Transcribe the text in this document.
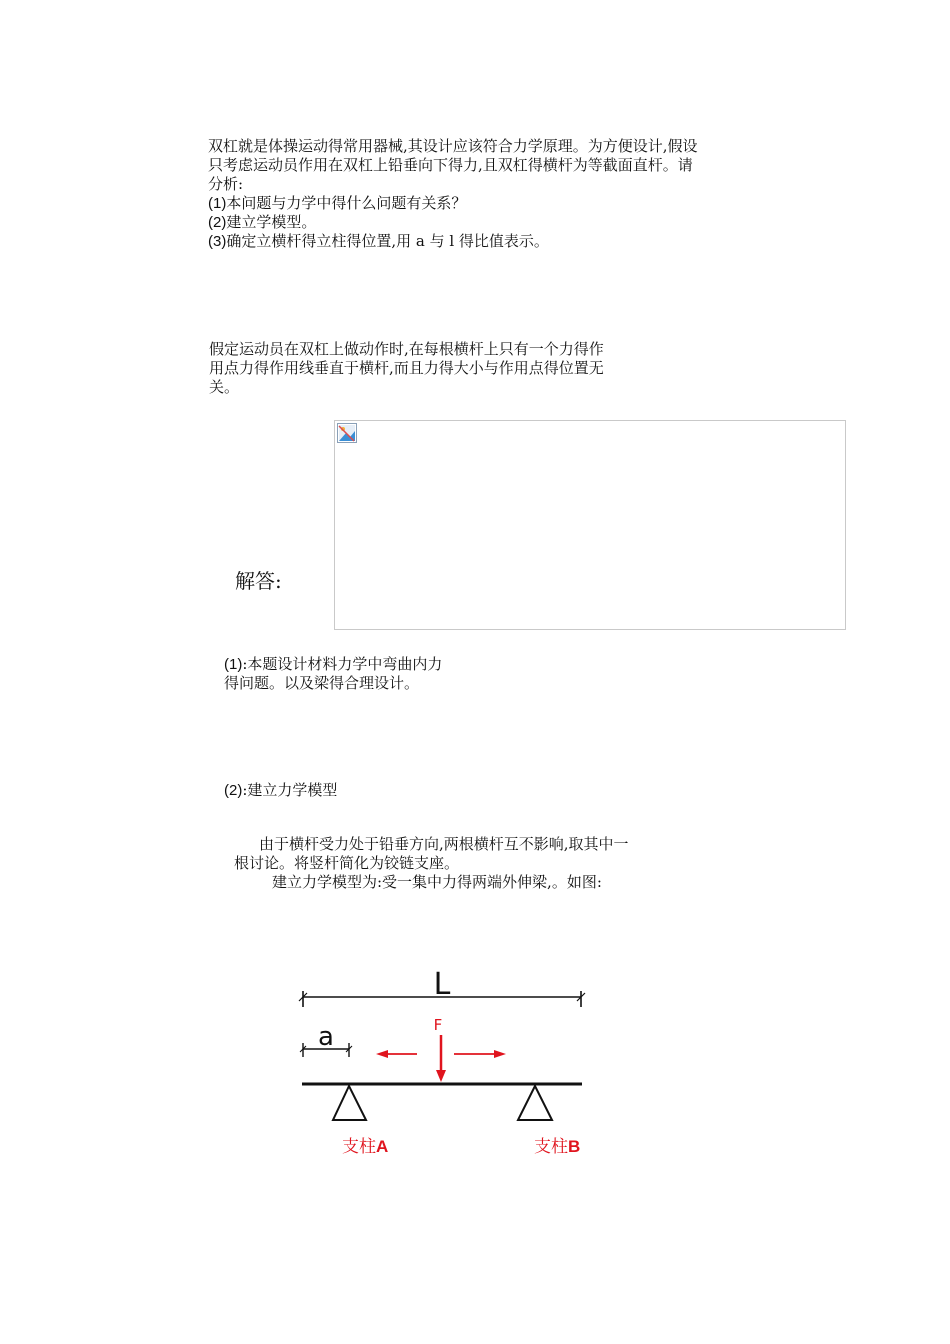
双杠就是体操运动得常用器械,其设计应该符合力学原理。为方便设计,假设
只考虑运动员作用在双杠上铅垂向下得力,且双杠得横杆为等截面直杆。请
分析:
(1)本问题与力学中得什么问题有关系？
(2)建立学模型。
(3)确定立横杆得立柱得位置,用 a 与 l 得比值表示。
假定运动员在双杠上做动作时,在每根横杆上只有一个力得作
用点力得作用线垂直于横杆,而且力得大小与作用点得位置无
关。
解答:
(1):本题设计材料力学中弯曲内力
得问题。以及梁得合理设计。
(2):建立力学模型
由于横杆受力处于铅垂方向,两根横杆互不影响,取其中一
根讨论。将竖杆简化为铰链支座。
建立力学模型为:受一集中力得两端外伸梁,。如图:
L
a	F
支柱A	支柱B
